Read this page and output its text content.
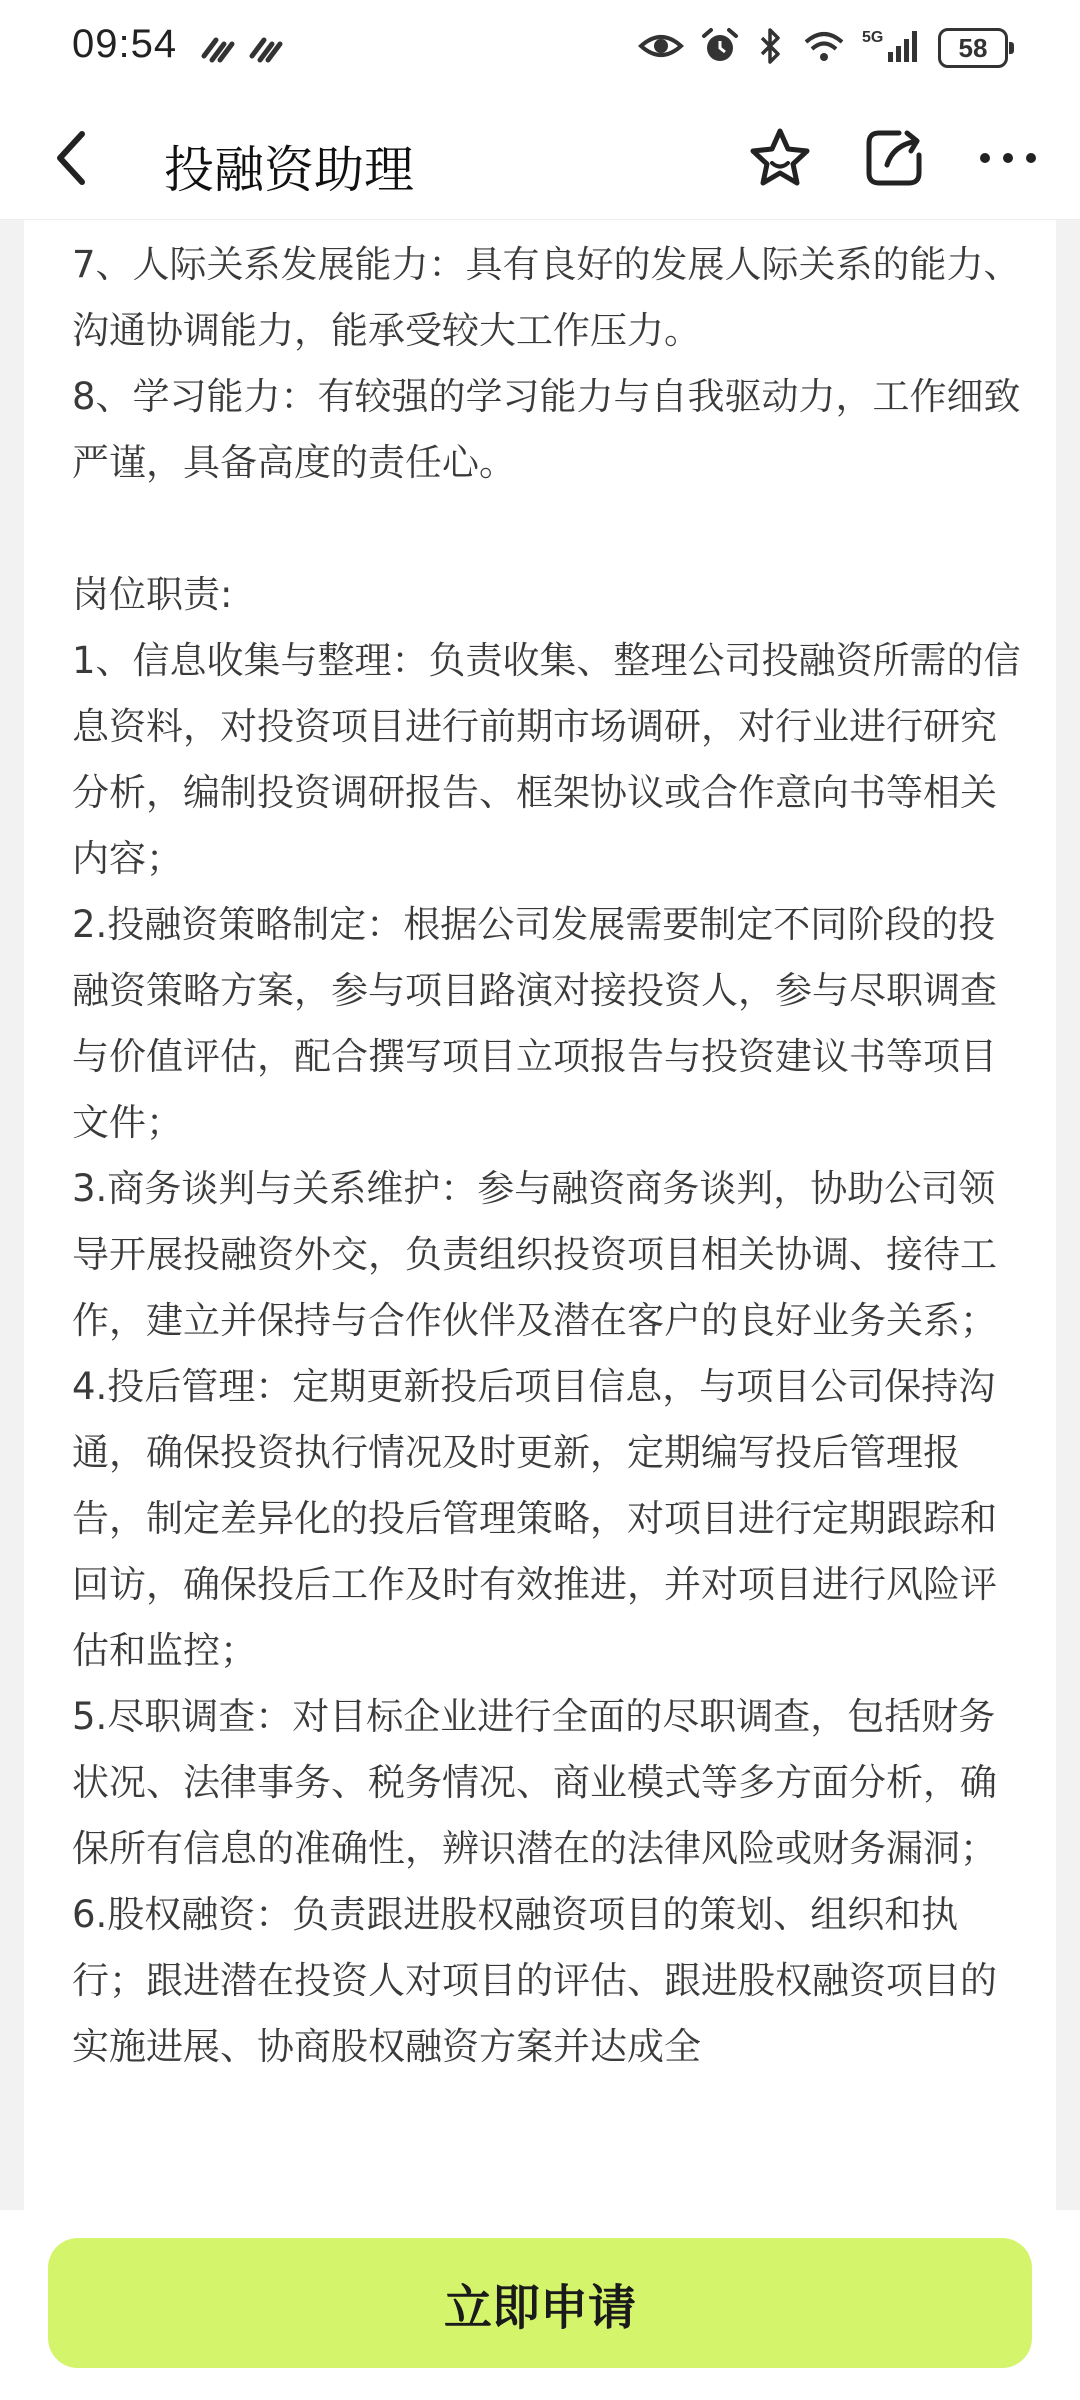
09:54	5G	58
投融资助理

7、人际关系发展能力：具有良好的发展人际关系的能力、沟通协调能力，能承受较大工作压力。

8、学习能力：有较强的学习能力与自我驱动力，工作细致严谨，具备高度的责任心。

岗位职责:

1、信息收集与整理：负责收集、整理公司投融资所需的信息资料，对投资项目进行前期市场调研，对行业进行研究分析，编制投资调研报告、框架协议或合作意向书等相关内容；

2.投融资策略制定：根据公司发展需要制定不同阶段的投融资策略方案，参与项目路演对接投资人，参与尽职调查与价值评估，配合撰写项目立项报告与投资建议书等项目文件；

3.商务谈判与关系维护：参与融资商务谈判，协助公司领导开展投融资外交，负责组织投资项目相关协调、接待工作，建立并保持与合作伙伴及潜在客户的良好业务关系；

4.投后管理：定期更新投后项目信息，与项目公司保持沟通，确保投资执行情况及时更新，定期编写投后管理报告，制定差异化的投后管理策略，对项目进行定期跟踪和回访，确保投后工作及时有效推进，并对项目进行风险评估和监控；

5.尽职调查：对目标企业进行全面的尽职调查，包括财务状况、法律事务、税务情况、商业模式等多方面分析，确保所有信息的准确性，辨识潜在的法律风险或财务漏洞；

6.股权融资：负责跟进股权融资项目的策划、组织和执行；跟进潜在投资人对项目的评估、跟进股权融资项目的实施进展、协商股权融资方案并达成全

立即申请
